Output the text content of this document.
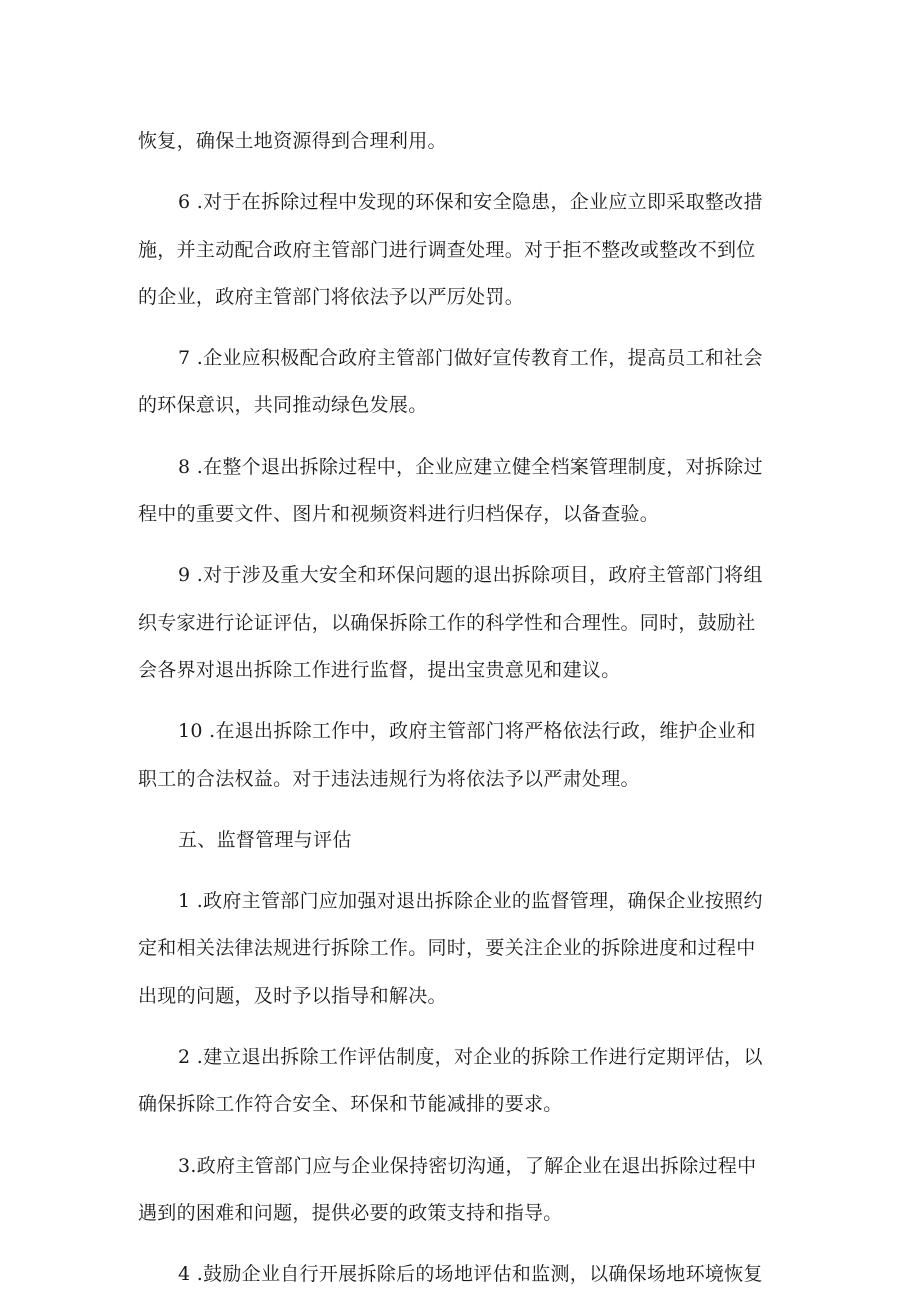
恢复，确保土地资源得到合理利用。

6 .对于在拆除过程中发现的环保和安全隐患，企业应立即采取整改措
施，并主动配合政府主管部门进行调查处理。对于拒不整改或整改不到位
的企业，政府主管部门将依法予以严厉处罚。

7 .企业应积极配合政府主管部门做好宣传教育工作，提高员工和社会
的环保意识，共同推动绿色发展。

8 .在整个退出拆除过程中，企业应建立健全档案管理制度，对拆除过
程中的重要文件、图片和视频资料进行归档保存，以备查验。

9 .对于涉及重大安全和环保问题的退出拆除项目，政府主管部门将组
织专家进行论证评估，以确保拆除工作的科学性和合理性。同时，鼓励社
会各界对退出拆除工作进行监督，提出宝贵意见和建议。

10 .在退出拆除工作中，政府主管部门将严格依法行政，维护企业和
职工的合法权益。对于违法违规行为将依法予以严肃处理。

五、监督管理与评估

1 .政府主管部门应加强对退出拆除企业的监督管理，确保企业按照约
定和相关法律法规进行拆除工作。同时，要关注企业的拆除进度和过程中
出现的问题，及时予以指导和解决。

2 .建立退出拆除工作评估制度，对企业的拆除工作进行定期评估，以
确保拆除工作符合安全、环保和节能减排的要求。

3.政府主管部门应与企业保持密切沟通，了解企业在退出拆除过程中
遇到的困难和问题，提供必要的政策支持和指导。

4 .鼓励企业自行开展拆除后的场地评估和监测，以确保场地环境恢复
